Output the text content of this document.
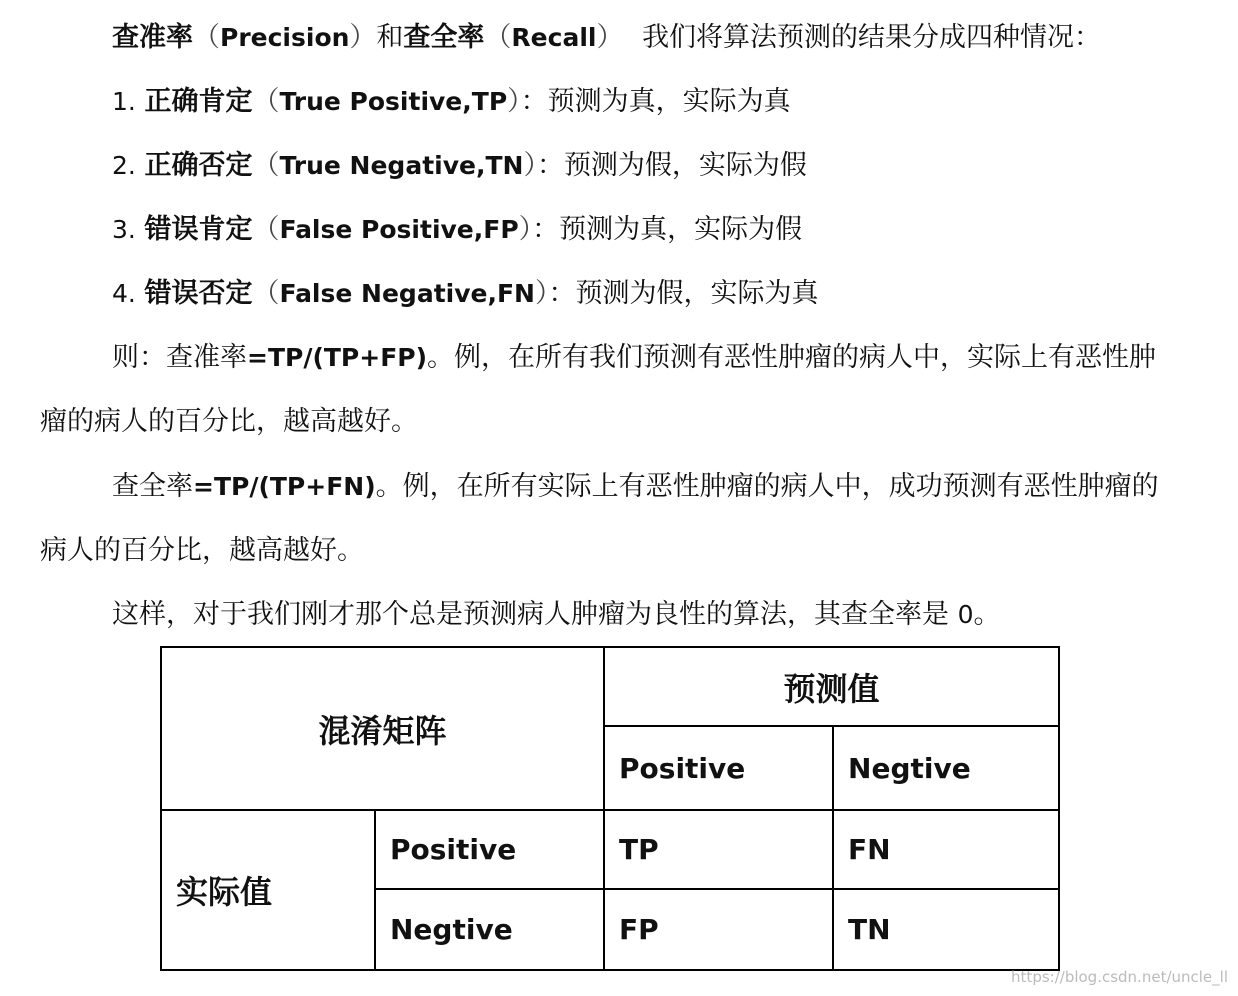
查准率（Precision）和查全率（Recall） 我们将算法预测的结果分成四种情况：
1. 正确肯定（True Positive,TP）：预测为真，实际为真
2. 正确否定（True Negative,TN）：预测为假，实际为假
3. 错误肯定（False Positive,FP）：预测为真，实际为假
4. 错误否定（False Negative,FN）：预测为假，实际为真
则：查准率=TP/(TP+FP)。例，在所有我们预测有恶性肿瘤的病人中，实际上有恶性肿
瘤的病人的百分比，越高越好。
查全率=TP/(TP+FN)。例，在所有实际上有恶性肿瘤的病人中，成功预测有恶性肿瘤的
病人的百分比，越高越好。
这样，对于我们刚才那个总是预测病人肿瘤为良性的算法，其查全率是 0。
混淆矩阵		预测值	
		Positive	Negtive
实际值	Positive	TP	FN
	Negtive	FP	TN
https://blog.csdn.net/uncle_ll
